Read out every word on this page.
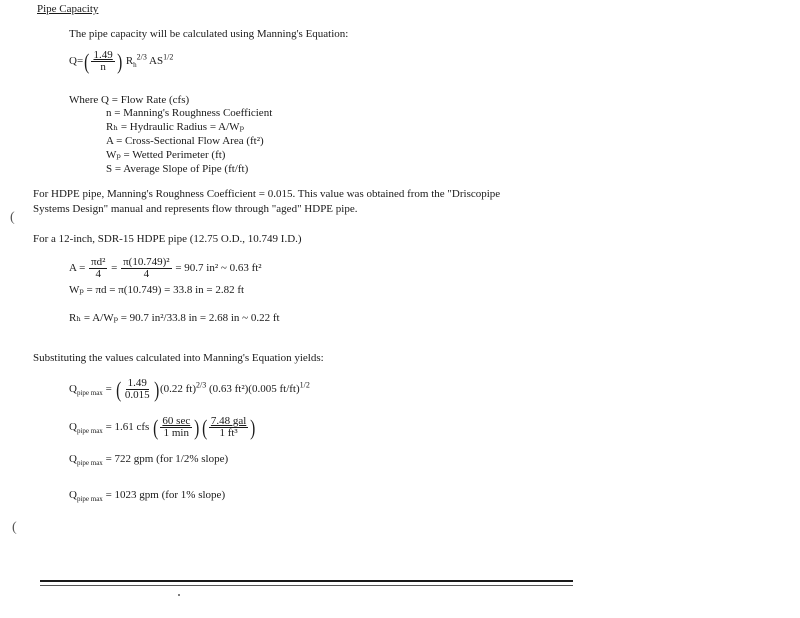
Pipe Capacity
The pipe capacity will be calculated using Manning's Equation:
$Q=( \frac{1.49}{n}$ ) $R_h^{2/3}$ $AS^{1/2}$
Where Q = Flow Rate (cfs)
n = Manning's Roughness Coefficient
Rₕ = Hydraulic Radius = A/Wₚ
A = Cross-Sectional Flow Area (ft²)
Wₚ = Wetted Perimeter (ft)
S = Average Slope of Pipe (ft/ft)
For HDPE pipe, Manning's Roughness Coefficient = 0.015. This value was obtained from the "Driscopipe
Systems Design" manual and represents flow through "aged" HDPE pipe.
For a 12-inch, SDR-15 HDPE pipe (12.75 O.D., 10.749 I.D.)
$A = \frac{\text{πd²}}{4} = \frac{\text{π(10.749)²}}{4} = 90.7$ in² ~ 0.63 ft²
Wₚ = πd = π(10.749) = 33.8 in = 2.82 ft
Rₕ = A/Wₚ = 90.7 in²/33.8 in = 2.68 in ~ 0.22 ft
Substituting the values calculated into Manning's Equation yields:
$Q_{pipe max}$ = ( $\frac{1.49}{0.015} )(0.22$ ft)$^{2/3}$ (0.63 ft²)(0.005 ft/ft)$^{1/2}$
$Q_{pipe max} = 1.61$ cfs ( $\frac{60 \sec}{1 \min}$ )( $\frac{\text{7.48 gal}}{\text{1 ft³}}$ )
$Q_{pipe max} = 722$ gpm (for 1/2% slope)
$Q_{pipe max} = 1023$ gpm (for 1% slope)
(
(
